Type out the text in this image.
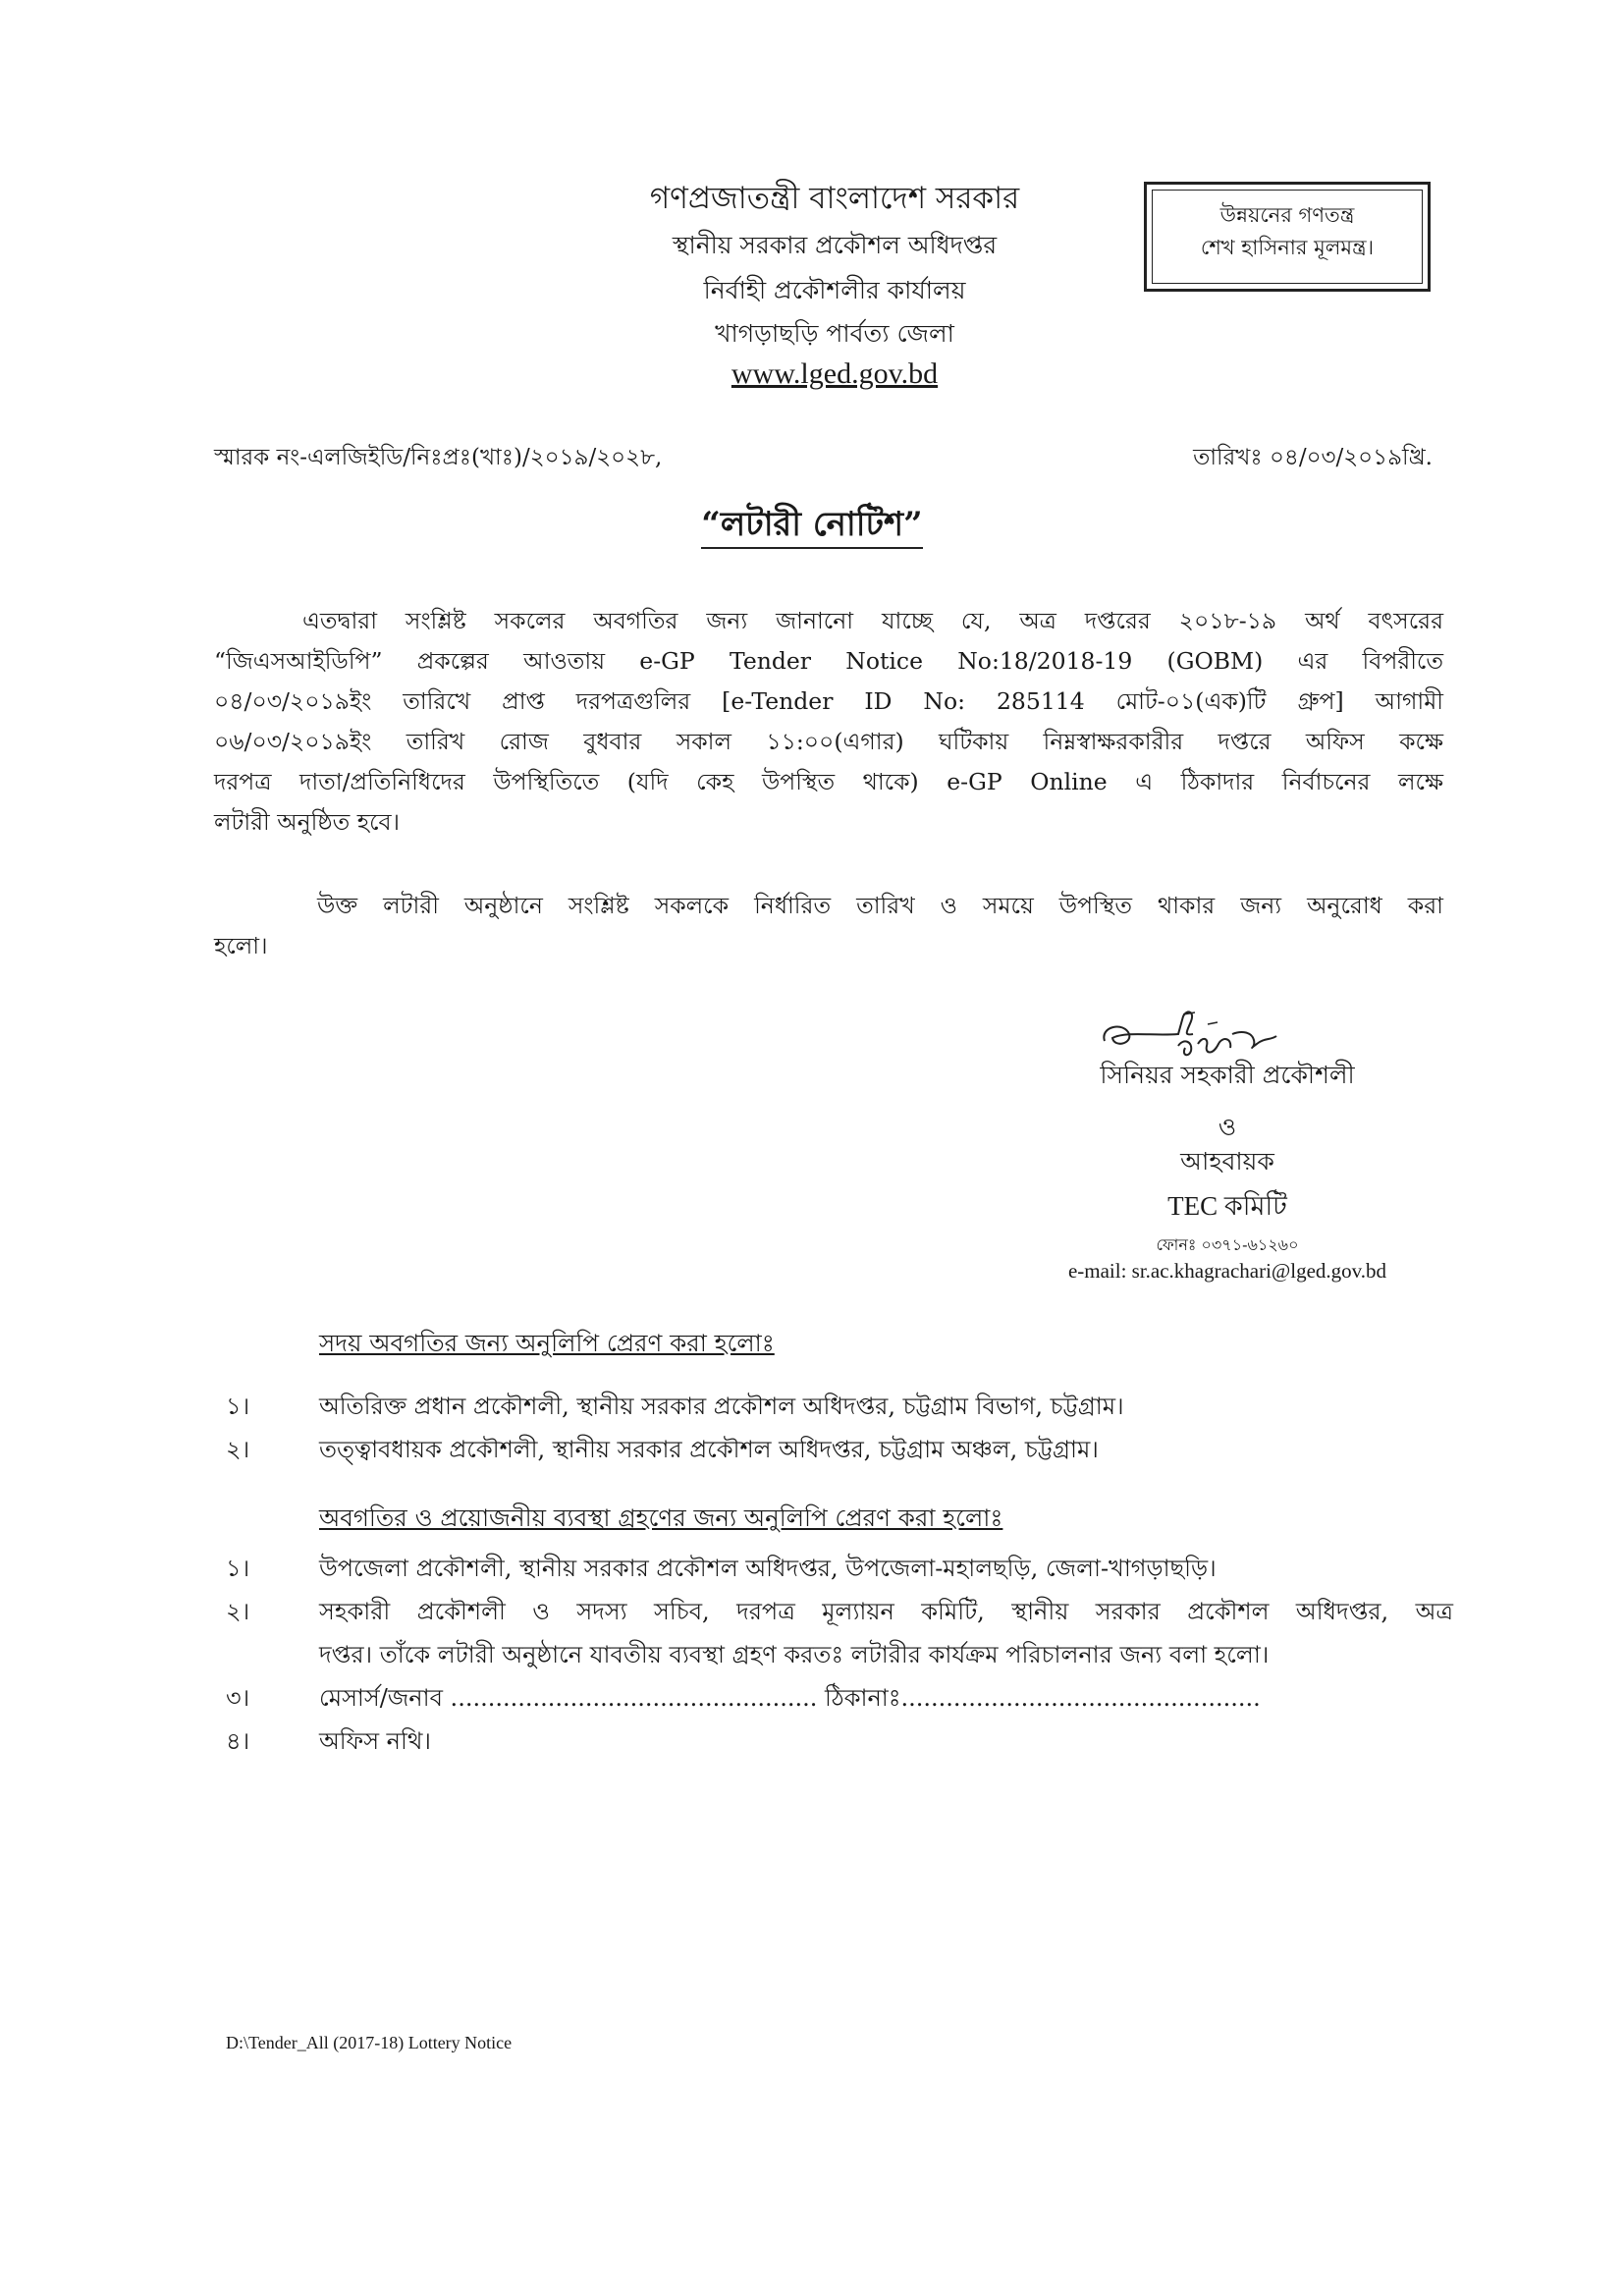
গণপ্রজাতন্ত্রী বাংলাদেশ সরকার
স্থানীয় সরকার প্রকৌশল অধিদপ্তর
নির্বাহী প্রকৌশলীর কার্যালয়
খাগড়াছড়ি পার্বত্য জেলা
www.lged.gov.bd
উন্নয়নের গণতন্ত্র
শেখ হাসিনার মূলমন্ত্র।
স্মারক নং-এলজিইডি/নিঃপ্রঃ(খাঃ)/২০১৯/২০২৮,	তারিখঃ ০৪/০৩/২০১৯খ্রি.
“লটারী নোটিশ”
এতদ্বারা সংশ্লিষ্ট সকলের অবগতির জন্য জানানো যাচ্ছে যে, অত্র দপ্তরের ২০১৮-১৯ অর্থ বৎসরের
“জিএসআইডিপি” প্রকল্পের আওতায় e-GP Tender Notice No:18/2018-19 (GOBM) এর বিপরীতে
০৪/০৩/২০১৯ইং তারিখে প্রাপ্ত দরপত্রগুলির [e-Tender ID No: 285114 মোট-০১(এক)টি গ্রুপ] আগামী
০৬/০৩/২০১৯ইং তারিখ রোজ বুধবার সকাল ১১:০০(এগার) ঘটিকায় নিম্নস্বাক্ষরকারীর দপ্তরে অফিস কক্ষে
দরপত্র দাতা/প্রতিনিধিদের উপস্থিতিতে (যদি কেহ উপস্থিত থাকে) e-GP Online এ ঠিকাদার নির্বাচনের লক্ষে
লটারী অনুষ্ঠিত হবে।
উক্ত লটারী অনুষ্ঠানে সংশ্লিষ্ট সকলকে নির্ধারিত তারিখ ও সময়ে উপস্থিত থাকার জন্য অনুরোধ করা
হলো।
সিনিয়র সহকারী প্রকৌশলী
ও
আহবায়ক
TEC কমিটি
ফোনঃ ০৩৭১-৬১২৬০
e-mail: sr.ac.khagrachari@lged.gov.bd
সদয় অবগতির জন্য অনুলিপি প্রেরণ করা হলোঃ
১।	অতিরিক্ত প্রধান প্রকৌশলী, স্থানীয় সরকার প্রকৌশল অধিদপ্তর, চট্টগ্রাম বিভাগ, চট্টগ্রাম।
২।	তত্ত্বাবধায়ক প্রকৌশলী, স্থানীয় সরকার প্রকৌশল অধিদপ্তর, চট্টগ্রাম অঞ্চল, চট্টগ্রাম।
অবগতির ও প্রয়োজনীয় ব্যবস্থা গ্রহণের জন্য অনুলিপি প্রেরণ করা হলোঃ
১।	উপজেলা প্রকৌশলী, স্থানীয় সরকার প্রকৌশল অধিদপ্তর, উপজেলা-মহালছড়ি, জেলা-খাগড়াছড়ি।
২।	সহকারী প্রকৌশলী ও সদস্য সচিব, দরপত্র মূল্যায়ন কমিটি, স্থানীয় সরকার প্রকৌশল অধিদপ্তর, অত্র
দপ্তর। তাঁকে লটারী অনুষ্ঠানে যাবতীয় ব্যবস্থা গ্রহণ করতঃ লটারীর কার্যক্রম পরিচালনার জন্য বলা হলো।
৩।	মেসার্স/জনাব ................................................. ঠিকানাঃ................................................
৪।	অফিস নথি।
D:\Tender_All (2017-18) Lottery Notice
